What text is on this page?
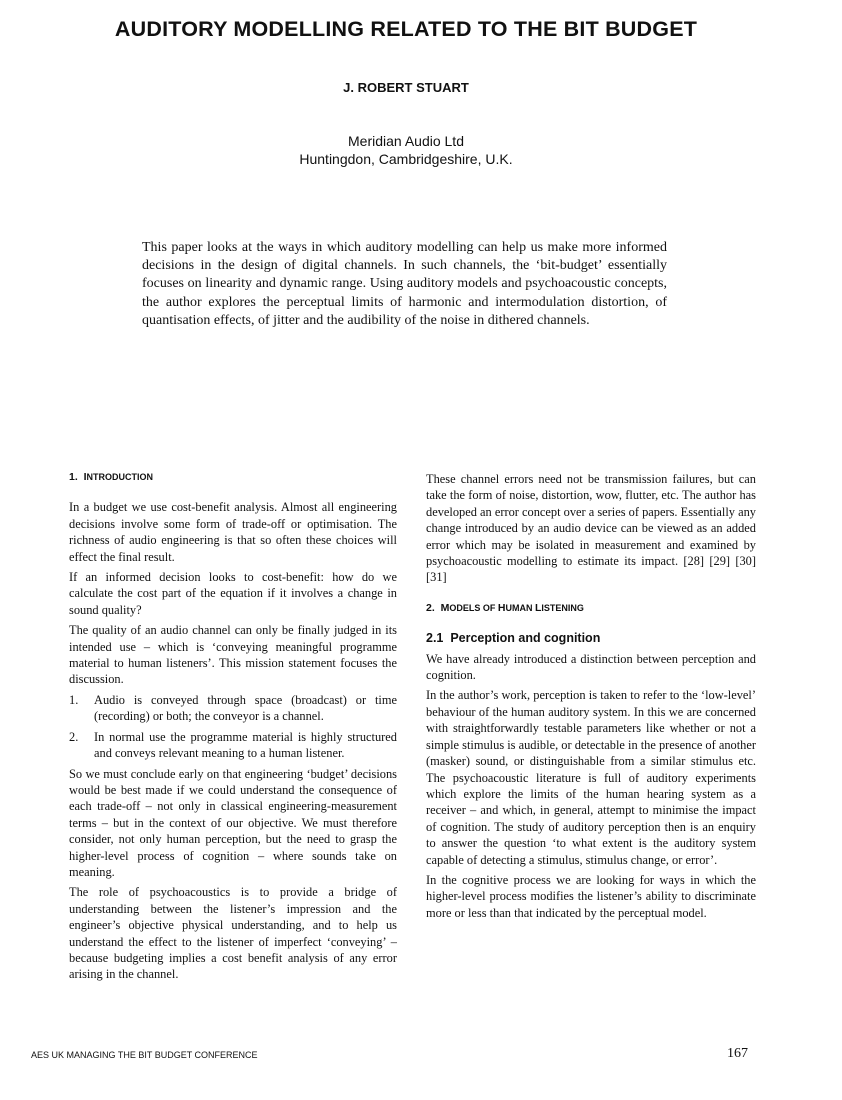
AUDITORY MODELLING RELATED TO THE BIT BUDGET
J. ROBERT STUART
Meridian Audio Ltd
Huntingdon, Cambridgeshire, U.K.
This paper looks at the ways in which auditory modelling can help us make more informed decisions in the design of digital channels. In such channels, the ‘bit-budget’ essentially focuses on linearity and dynamic range. Using auditory models and psychoacoustic concepts, the author explores the perceptual limits of harmonic and intermodulation distortion, of quantisation effects, of jitter and the audibility of the noise in dithered channels.
1. INTRODUCTION

In a budget we use cost-benefit analysis. Almost all engineering decisions involve some form of trade-off or optimisation. The richness of audio engineering is that so often these choices will effect the final result.

If an informed decision looks to cost-benefit: how do we calculate the cost part of the equation if it involves a change in sound quality?

The quality of an audio channel can only be finally judged in its intended use – which is ‘conveying meaningful programme material to human listeners’. This mission statement focuses the discussion.

1.	Audio is conveyed through space (broadcast) or time (recording) or both; the conveyor is a channel.
2.	In normal use the programme material is highly structured and conveys relevant meaning to a human listener.

So we must conclude early on that engineering ‘budget’ decisions would be best made if we could understand the consequence of each trade-off – not only in classical engineering-measurement terms – but in the context of our objective. We must therefore consider, not only human perception, but the need to grasp the higher-level process of cognition – where sounds take on meaning.

The role of psychoacoustics is to provide a bridge of understanding between the listener’s impression and the engineer’s objective physical understanding, and to help us understand the effect to the listener of imperfect ‘conveying’ – because budgeting implies a cost benefit analysis of any error arising in the channel.

These channel errors need not be transmission failures, but can take the form of noise, distortion, wow, flutter, etc. The author has developed an error concept over a series of papers. Essentially any change introduced by an audio device can be viewed as an added error which may be isolated in measurement and examined by psychoacoustic modelling to estimate its impact. [28] [29] [30] [31]

2. MODELS OF HUMAN LISTENING
2.1  Perception and cognition

We have already introduced a distinction between perception and cognition.

In the author’s work, perception is taken to refer to the ‘low-level’ behaviour of the human auditory system. In this we are concerned with straightforwardly testable parameters like whether or not a simple stimulus is audible, or detectable in the presence of another (masker) sound, or distinguishable from a similar stimulus etc. The psychoacoustic literature is full of auditory experiments which explore the limits of the human hearing system as a receiver – and which, in general, attempt to minimise the impact of cognition. The study of auditory perception then is an enquiry to answer the question ‘to what extent is the auditory system capable of detecting a stimulus, stimulus change, or error’.

In the cognitive process we are looking for ways in which the higher-level process modifies the listener’s ability to discriminate more or less than that indicated by the perceptual model.

AES UK MANAGING THE BIT BUDGET CONFERENCE	167
